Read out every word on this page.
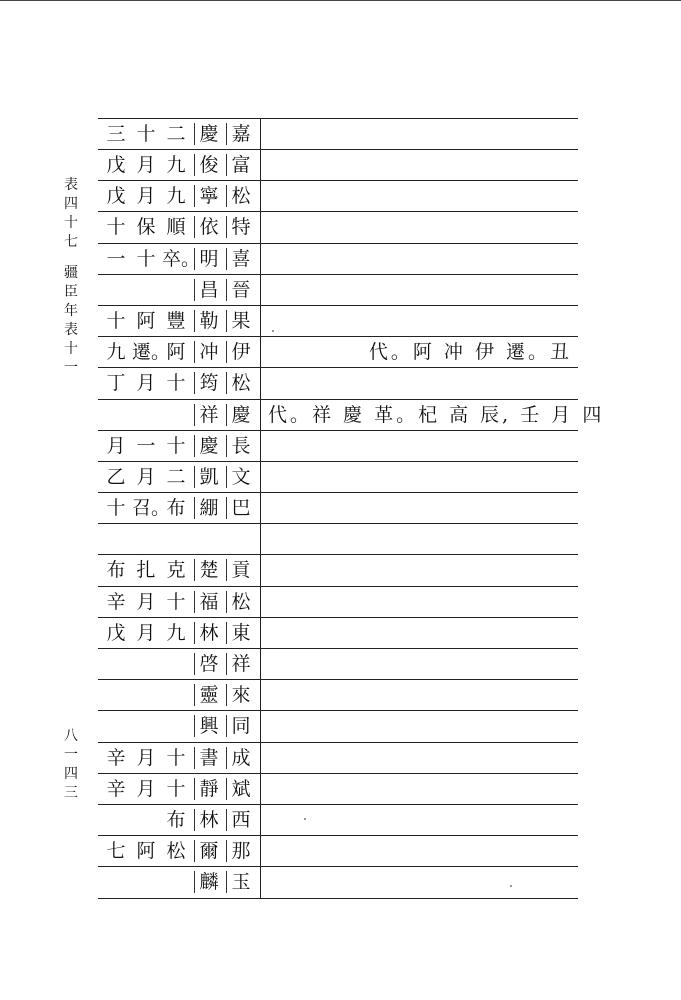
表
四
十
七
疆
臣
年
表
十
一
八
一
四
三
三 十 二 慶 嘉
戊 月 九 俊 富
戊 月 九 寧 松
十 保 順 依 特
一 十 卒。 明 喜
昌 晉
十 阿 豐 勒 果
九 遷。
阿 冲 伊	代。阿 冲 伊 遷。丑
丁 月 十 筠 松
祥 慶 代。祥 慶 革。杞 高 辰, 壬 月 四
月 一 十 慶 長
乙 月 二 凱 文
十 召。
布 綳 巴
布 扎 克 楚 貢
辛 月 十 福 松
戊 月 九 林 東
啓 祥
靈 來
興 同
辛 月 十 書 成
辛 月 十 靜 斌
布 林 西
七 阿 松 爾 那
麟 玉
